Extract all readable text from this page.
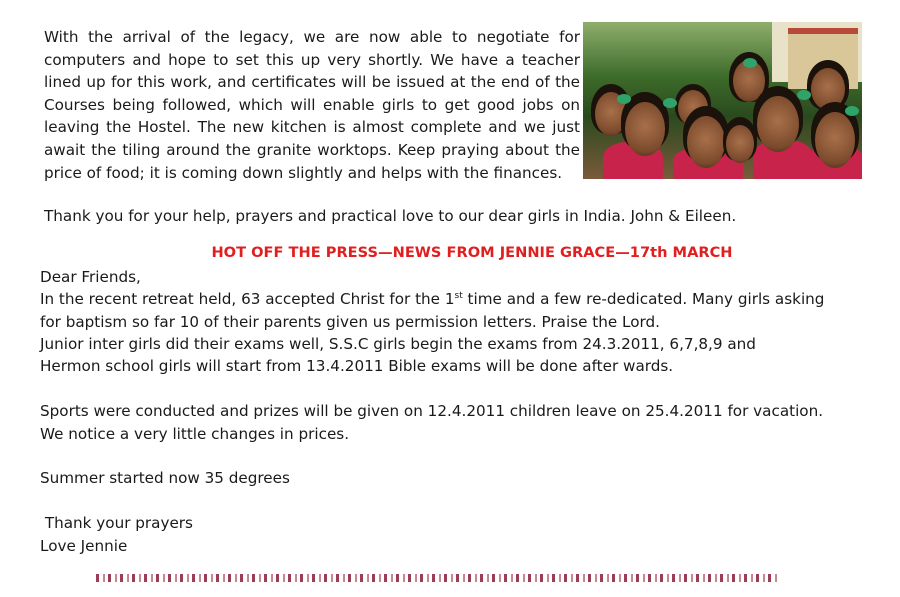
With the arrival of the legacy, we are now able to negotiate for
computers and hope to set this up very shortly. We have a teacher
lined up for this work, and certificates will be issued at the end of the
Courses being followed, which will enable girls to get good jobs on
leaving the Hostel. The new kitchen is almost complete and we just
await the tiling around the granite worktops. Keep praying about the
price of food; it is coming down slightly and helps with the finances.
Thank you for your help, prayers and practical love to our dear girls in India. John & Eileen.
HOT OFF THE PRESS—NEWS FROM JENNIE GRACE—17th MARCH
Dear Friends,
In the recent retreat held, 63 accepted Christ for the 1st time and a few re-dedicated. Many girls asking
for baptism so far 10 of their parents given us permission letters. Praise the Lord.
Junior inter girls did their exams well, S.S.C girls begin the exams from 24.3.2011, 6,7,8,9 and
Hermon school girls will start from 13.4.2011 Bible exams will be done after wards.
Sports were conducted and prizes will be given on 12.4.2011 children leave on 25.4.2011 for vacation.
We notice a very little changes in prices.
Summer started now 35 degrees
Thank your prayers
Love Jennie
